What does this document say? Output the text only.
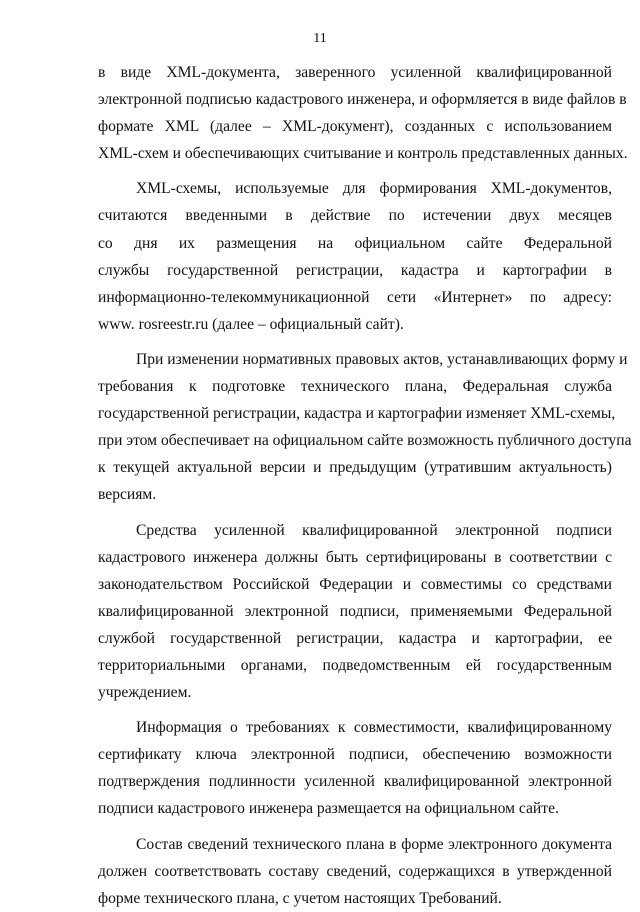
11

в виде XML-документа, заверенного усиленной квалифицированной
электронной подписью кадастрового инженера, и оформляется в виде файлов в
формате XML (далее – XML-документ), созданных с использованием
XML-схем и обеспечивающих считывание и контроль представленных данных.

XML-схемы, используемые для формирования XML-документов,
считаются введенными в действие по истечении двух месяцев
со дня их размещения на официальном сайте Федеральной
службы государственной регистрации, кадастра и картографии в
информационно-телекоммуникационной сети «Интернет» по адресу:
www. rosreestr.ru (далее – официальный сайт).

При изменении нормативных правовых актов, устанавливающих форму и
требования к подготовке технического плана, Федеральная служба
государственной регистрации, кадастра и картографии изменяет XML-схемы,
при этом обеспечивает на официальном сайте возможность публичного доступа
к текущей актуальной версии и предыдущим (утратившим актуальность)
версиям.

Средства усиленной квалифицированной электронной подписи
кадастрового инженера должны быть сертифицированы в соответствии с
законодательством Российской Федерации и совместимы со средствами
квалифицированной электронной подписи, применяемыми Федеральной
службой государственной регистрации, кадастра и картографии, ее
территориальными органами, подведомственным ей государственным
учреждением.

Информация о требованиях к совместимости, квалифицированному
сертификату ключа электронной подписи, обеспечению возможности
подтверждения подлинности усиленной квалифицированной электронной
подписи кадастрового инженера размещается на официальном сайте.

Состав сведений технического плана в форме электронного документа
должен соответствовать составу сведений, содержащихся в утвержденной
форме технического плана, с учетом настоящих Требований.
